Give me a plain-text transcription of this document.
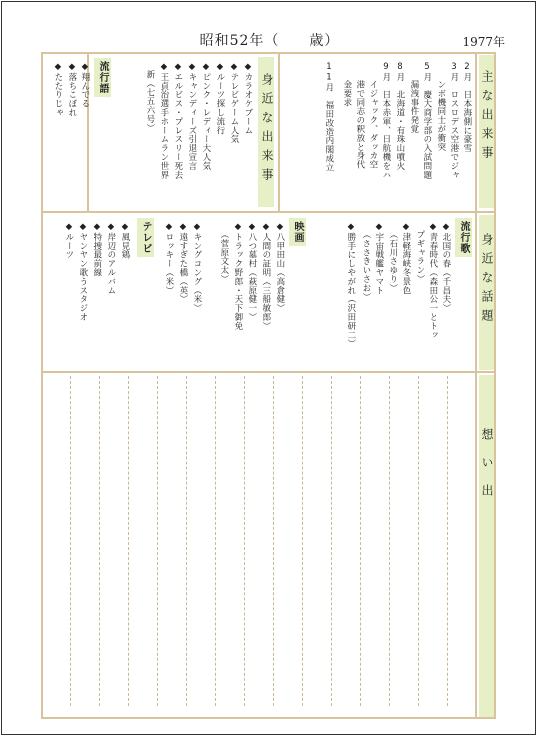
昭和52年（　　歳）	1977年
主な出来事
身近な話題
想い出
身近な出来事	2月　日本海側に豪雪
3月　ロスロデス空港でジャ
ンボ機同士が衝突
5月　慶大商学部の入試問題
漏洩事件発覚
8月　北海道・有珠山噴火
9月　日本赤軍、日航機をハ
イジャック、ダッカ空
港で同志の釈放と身代
金要求
11月　福田改造内閣成立
◆カラオケブーム
◆テレビゲーム人気
◆ルーツ探し流行
◆ピンク・レディー大人気
◆キャンディーズ引退宣言
◆エルビス・プレスリー死去
◆王貞治選手ホームラン世界
新（七五六号）
流行語
◆翔んでる
◆落ちこぼれ
◆たたりじゃ
流行歌
◆北国の春（千昌夫）
◆青春時代（森田公一とトッ
プギャラン）
◆津軽海峡冬景色
（石川さゆり）
◆宇宙戦艦ヤマト
（ささきいさお）
◆勝手にしやがれ（沢田研二）
映画
◆八甲田山（高倉健）
◆人間の証明（三船敏郎）
◆八つ墓村（萩原健一）
◆トラック野郎・天下御免
（菅原文太）
◆キングコング（米）
◆遠すぎた橋（英）
◆ロッキー（米）
テレビ
◆風見鶏
◆岸辺のアルバム
◆特捜最前線
◆ヤンヤン歌うスタジオ
◆ルーツ
